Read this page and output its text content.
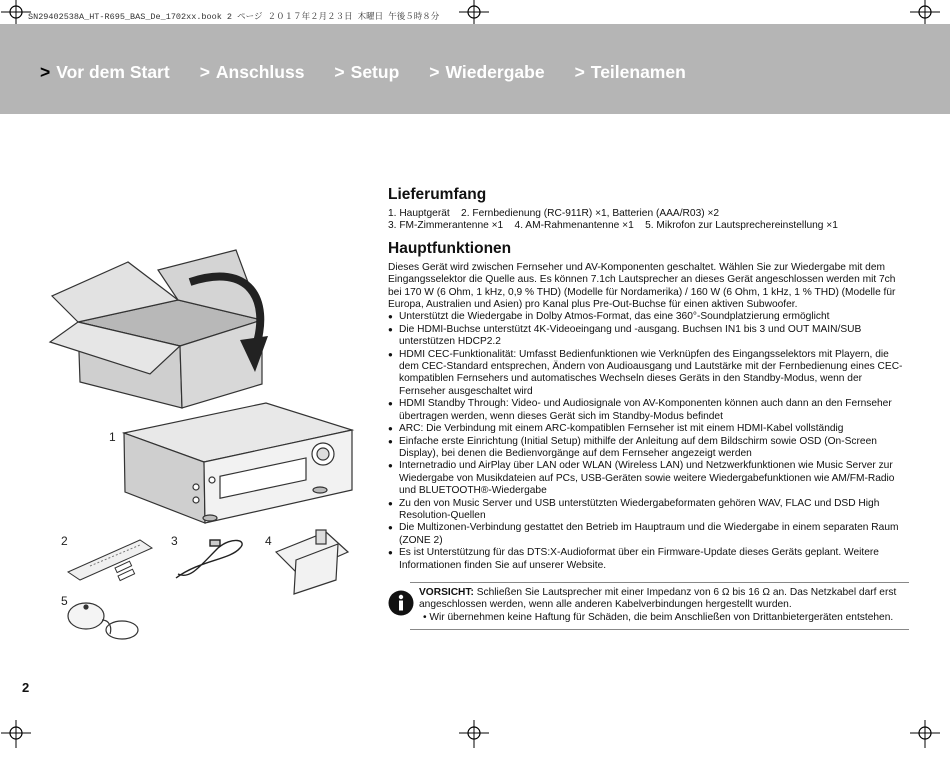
SN29402538A_HT-R695_BAS_De_1702xx.book 2 ページ ２０１７年２月２３日 木曜日 午後５時８分
> Vor dem Start > Anschluss > Setup > Wiedergabe > Teilenamen
1
2	3	4
5
Lieferumfang

1. Hauptgerät    2. Fernbedienung (RC-911R) ×1, Batterien (AAA/R03) ×2

3. FM-Zimmerantenne ×1    4. AM-Rahmenantenne ×1    5. Mikrofon zur Lautsprechereinstellung ×1

Hauptfunktionen

Dieses Gerät wird zwischen Fernseher und AV-Komponenten geschaltet. Wählen Sie zur Wiedergabe mit dem Eingangsselektor die Quelle aus. Es können 7.1ch Lautsprecher an dieses Gerät angeschlossen werden mit 7ch bei 170 W (6 Ohm, 1 kHz, 0,9 % THD) (Modelle für Nordamerika) / 160 W (6 Ohm, 1 kHz, 1 % THD) (Modelle für Europa, Australien und Asien) pro Kanal plus Pre-Out-Buchse für einen aktiven Subwoofer.

● Unterstützt die Wiedergabe in Dolby Atmos-Format, das eine 360°-Soundplatzierung ermöglicht
● Die HDMI-Buchse unterstützt 4K-Videoeingang und -ausgang. Buchsen IN1 bis 3 und OUT MAIN/SUB unterstützen HDCP2.2
● HDMI CEC-Funktionalität: Umfasst Bedienfunktionen wie Verknüpfen des Eingangsselektors mit Playern, die dem CEC-Standard entsprechen, Ändern von Audioausgang und Lautstärke mit der Fernbedienung eines CEC-kompatiblen Fernsehers und automatisches Wechseln dieses Geräts in den Standby-Modus, wenn der Fernseher ausgeschaltet wird
● HDMI Standby Through: Video- und Audiosignale von AV-Komponenten können auch dann an den Fernseher übertragen werden, wenn dieses Gerät sich im Standby-Modus befindet
● ARC: Die Verbindung mit einem ARC-kompatiblen Fernseher ist mit einem HDMI-Kabel vollständig
● Einfache erste Einrichtung (Initial Setup) mithilfe der Anleitung auf dem Bildschirm sowie OSD (On-Screen Display), bei denen die Bedienvorgänge auf dem Fernseher angezeigt werden
● Internetradio und AirPlay über LAN oder WLAN (Wireless LAN) und Netzwerkfunktionen wie Music Server zur Wiedergabe von Musikdateien auf PCs, USB-Geräten sowie weitere Wiedergabefunktionen wie AM/FM-Radio und BLUETOOTH®-Wiedergabe
● Zu den von Music Server und USB unterstützten Wiedergabeformaten gehören WAV, FLAC und DSD High Resolution-Quellen
● Die Multizonen-Verbindung gestattet den Betrieb im Hauptraum und die Wiedergabe in einem separaten Raum (ZONE 2)
● Es ist Unterstützung für das DTS:X-Audioformat über ein Firmware-Update dieses Geräts geplant. Weitere Informationen finden Sie auf unserer Website.
VORSICHT: Schließen Sie Lautsprecher mit einer Impedanz von 6 Ω bis 16 Ω an. Das Netzkabel darf erst angeschlossen werden, wenn alle anderen Kabelverbindungen hergestellt wurden.
• Wir übernehmen keine Haftung für Schäden, die beim Anschließen von Drittanbietergeräten entstehen.
2
